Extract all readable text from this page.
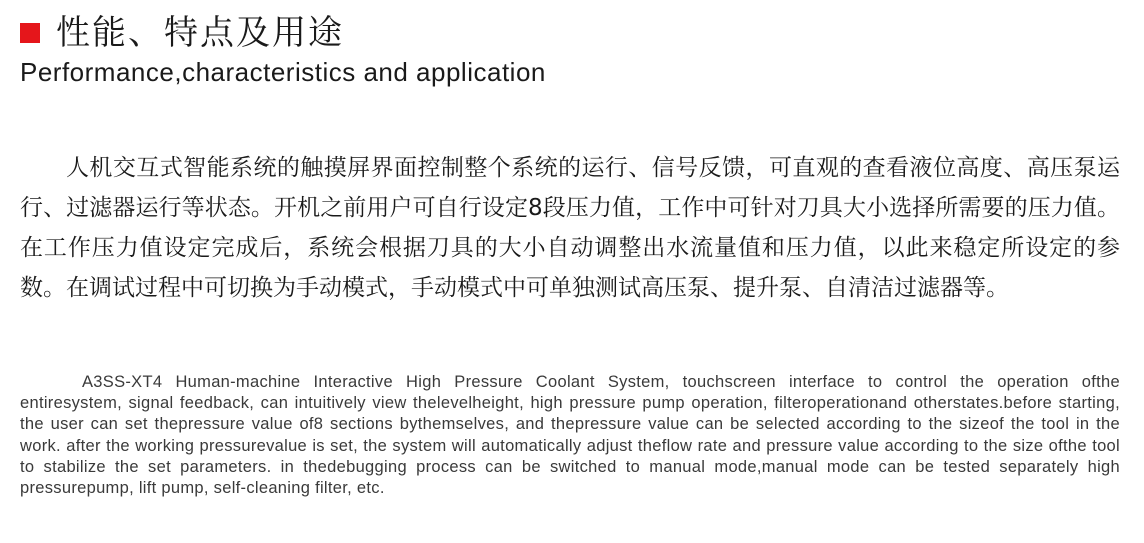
性能、特点及用途
Performance,characteristics and application

人机交互式智能系统的触摸屏界面控制整个系统的运行、信号反馈，可直观的查看液位高度、高压泵运行、过滤器运行等状态。开机之前用户可自行设定8段压力值，工作中可针对刀具大小选择所需要的压力值。在工作压力值设定完成后，系统会根据刀具的大小自动调整出水流量值和压力值，以此来稳定所设定的参数。在调试过程中可切换为手动模式，手动模式中可单独测试高压泵、提升泵、自清洁过滤器等。

A3SS-XT4 Human-machine Interactive High Pressure Coolant System, touchscreen interface to control the operation ofthe entiresystem, signal feedback, can intuitively view thelevelheight, high pressure pump operation, filteroperationand otherstates.before starting, the user can set thepressure value of8 sections bythemselves, and thepressure value can be selected according to the sizeof the tool in the work. after the working pressurevalue is set, the system will automatically adjust theflow rate and pressure value according to the size ofthe tool to stabilize the set parameters. in thedebugging process can be switched to manual mode,manual mode can be tested separately high pressurepump, lift pump, self-cleaning filter, etc.
